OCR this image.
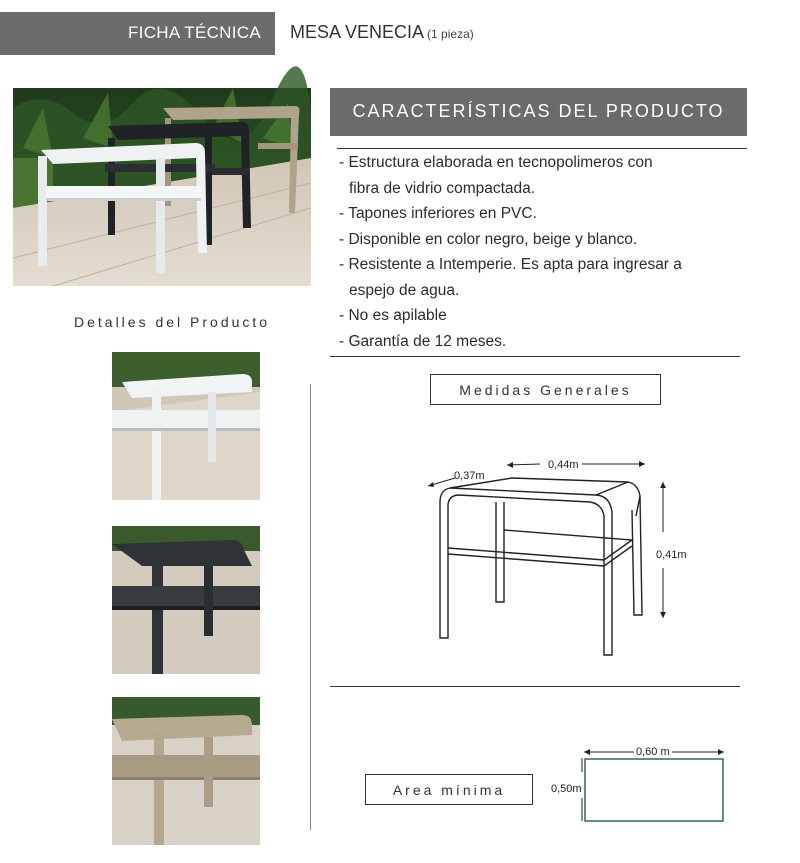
FICHA TÉCNICA MESA VENECIA (1 pieza)
Detalles del Producto
CARACTERÍSTICAS DEL PRODUCTO
- Estructura elaborada en tecnopolimeros con
fibra de vidrio compactada.
- Tapones inferiores en PVC.
- Disponible en color negro, beige y blanco.
- Resistente a Intemperie. Es apta para ingresar a
espejo de agua.
- No es apilable
- Garantía de 12 meses.
Medidas Generales
0,37m
0,44m
0,41m
Area mínima
0,60 m
0,50m
